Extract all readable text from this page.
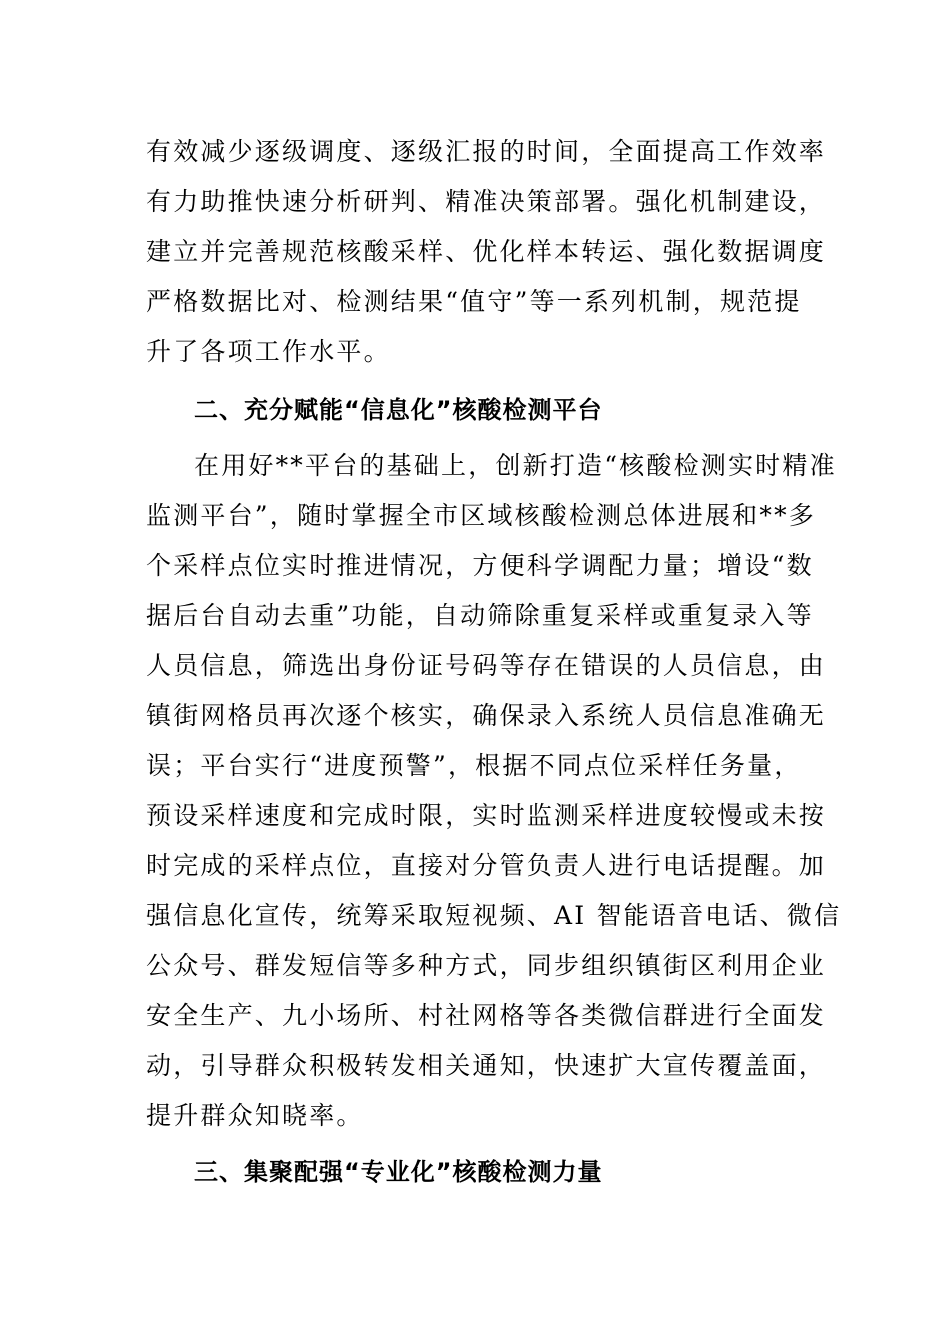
有效减少逐级调度、逐级汇报的时间，全面提高工作效率
有力助推快速分析研判、精准决策部署。强化机制建设，
建立并完善规范核酸采样、优化样本转运、强化数据调度
严格数据比对、检测结果“值守”等一系列机制，规范提
升了各项工作水平。
二、充分赋能“信息化”核酸检测平台
在用好**平台的基础上，创新打造“核酸检测实时精准
监测平台”，随时掌握全市区域核酸检测总体进展和**多
个采样点位实时推进情况，方便科学调配力量；增设“数
据后台自动去重”功能，自动筛除重复采样或重复录入等
人员信息，筛选出身份证号码等存在错误的人员信息，由
镇街网格员再次逐个核实，确保录入系统人员信息准确无
误；平台实行“进度预警”，根据不同点位采样任务量，
预设采样速度和完成时限，实时监测采样进度较慢或未按
时完成的采样点位，直接对分管负责人进行电话提醒。加
强信息化宣传，统筹采取短视频、AI 智能语音电话、微信
公众号、群发短信等多种方式，同步组织镇街区利用企业
安全生产、九小场所、村社网格等各类微信群进行全面发
动，引导群众积极转发相关通知，快速扩大宣传覆盖面，
提升群众知晓率。
三、集聚配强“专业化”核酸检测力量
